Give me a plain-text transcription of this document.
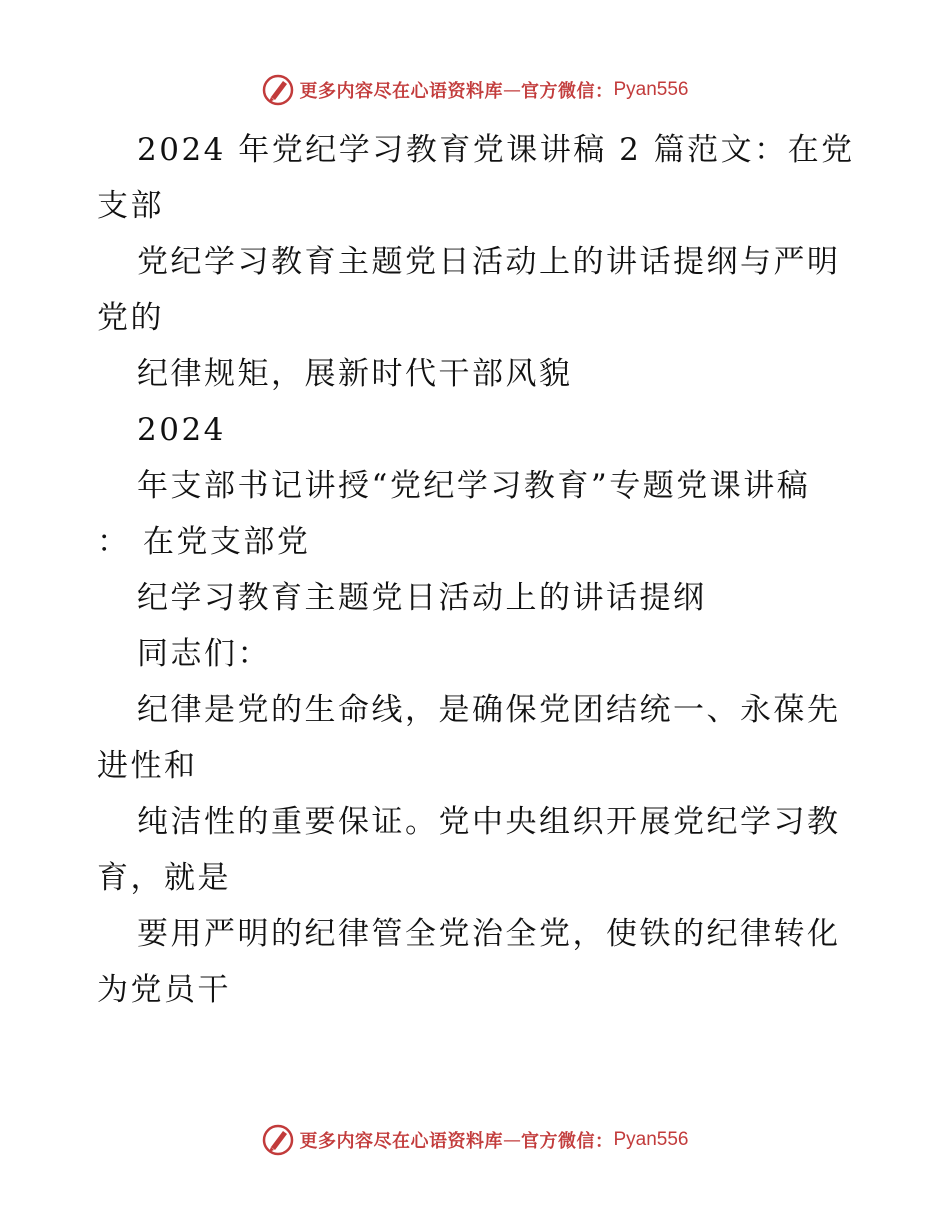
更多内容尽在心语资料库 — 官方微信： Pyan556
2024 年党纪学习教育党课讲稿 2 篇范文：在党
支部
党纪学习教育主题党日活动上的讲话提纲与严明
党的
纪律规矩，展新时代干部风貌
2024
年支部书记讲授“党纪学习教育”专题党课讲稿
： 在党支部党
纪学习教育主题党日活动上的讲话提纲
同志们：
纪律是党的生命线，是确保党团结统一、永葆先
进性和
纯洁性的重要保证。党中央组织开展党纪学习教
育，就是
要用严明的纪律管全党治全党，使铁的纪律转化
为党员干
更多内容尽在心语资料库 — 官方微信： Pyan556
